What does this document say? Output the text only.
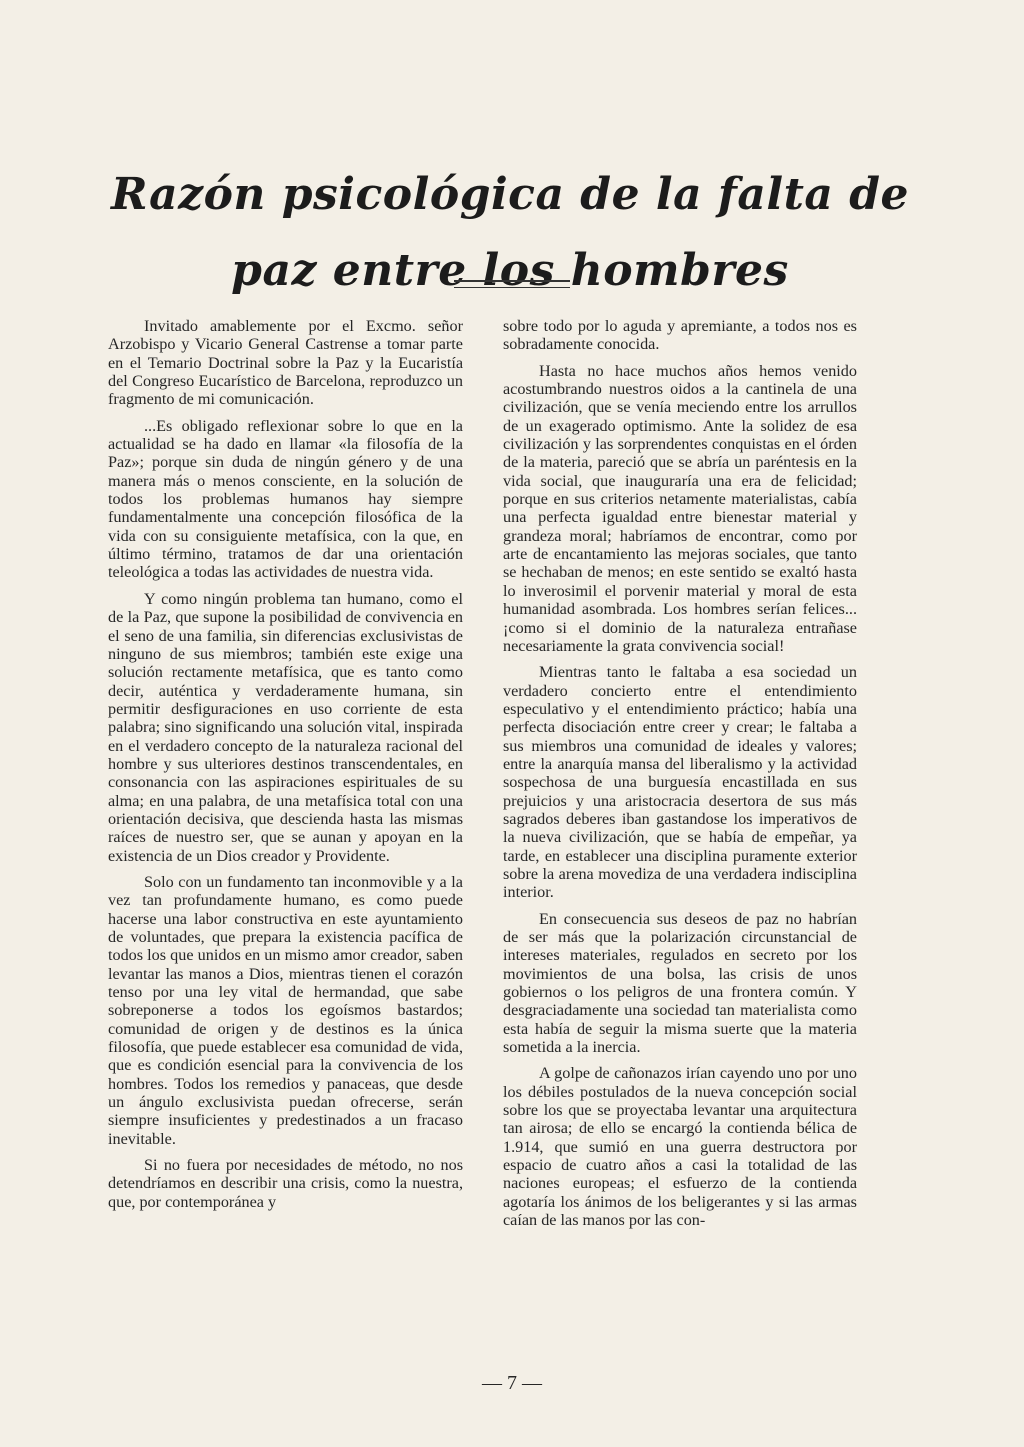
Razón psicológica de la falta de paz entre los hombres

Invitado amablemente por el Excmo. señor Arzobispo y Vicario General Castrense a tomar parte en el Temario Doctrinal sobre la Paz y la Eucaristía del Congreso Eucarístico de Barcelona, reproduzco un fragmento de mi comunicación.

...Es obligado reflexionar sobre lo que en la actualidad se ha dado en llamar «la filosofía de la Paz»; porque sin duda de ningún género y de una manera más o menos consciente, en la solución de todos los problemas humanos hay siempre fundamentalmente una concepción filosófica de la vida con su consiguiente metafísica, con la que, en último término, tratamos de dar una orientación teleológica a todas las actividades de nuestra vida.

Y como ningún problema tan humano, como el de la Paz, que supone la posibilidad de convivencia en el seno de una familia, sin diferencias exclusivistas de ninguno de sus miembros; también este exige una solución rectamente metafísica, que es tanto como decir, auténtica y verdaderamente humana, sin permitir desfiguraciones en uso corriente de esta palabra; sino significando una solución vital, inspirada en el verdadero concepto de la naturaleza racional del hombre y sus ulteriores destinos transcendentales, en consonancia con las aspiraciones espirituales de su alma; en una palabra, de una metafísica total con una orientación decisiva, que descienda hasta las mismas raíces de nuestro ser, que se aunan y apoyan en la existencia de un Dios creador y Providente.

Solo con un fundamento tan inconmovible y a la vez tan profundamente humano, es como puede hacerse una labor constructiva en este ayuntamiento de voluntades, que prepara la existencia pacífica de todos los que unidos en un mismo amor creador, saben levantar las manos a Dios, mientras tienen el corazón tenso por una ley vital de hermandad, que sabe sobreponerse a todos los egoísmos bastardos; comunidad de origen y de destinos es la única filosofía, que puede establecer esa comunidad de vida, que es condición esencial para la convivencia de los hombres. Todos los remedios y panaceas, que desde un ángulo exclusivista puedan ofrecerse, serán siempre insuficientes y predestinados a un fracaso inevitable.

Si no fuera por necesidades de método, no nos detendríamos en describir una crisis, como la nuestra, que, por contemporánea y

sobre todo por lo aguda y apremiante, a todos nos es sobradamente conocida.

Hasta no hace muchos años hemos venido acostumbrando nuestros oidos a la cantinela de una civilización, que se venía meciendo entre los arrullos de un exagerado optimismo. Ante la solidez de esa civilización y las sorprendentes conquistas en el órden de la materia, pareció que se abría un paréntesis en la vida social, que inauguraría una era de felicidad; porque en sus criterios netamente materialistas, cabía una perfecta igualdad entre bienestar material y grandeza moral; habríamos de encontrar, como por arte de encantamiento las mejoras sociales, que tanto se hechaban de menos; en este sentido se exaltó hasta lo inverosimil el porvenir material y moral de esta humanidad asombrada. Los hombres serían felices... ¡como si el dominio de la naturaleza entrañase necesariamente la grata convivencia social!

Mientras tanto le faltaba a esa sociedad un verdadero concierto entre el entendimiento especulativo y el entendimiento práctico; había una perfecta disociación entre creer y crear; le faltaba a sus miembros una comunidad de ideales y valores; entre la anarquía mansa del liberalismo y la actividad sospechosa de una burguesía encastillada en sus prejuicios y una aristocracia desertora de sus más sagrados deberes iban gastandose los imperativos de la nueva civilización, que se había de empeñar, ya tarde, en establecer una disciplina puramente exterior sobre la arena movediza de una verdadera indisciplina interior.

En consecuencia sus deseos de paz no habrían de ser más que la polarización circunstancial de intereses materiales, regulados en secreto por los movimientos de una bolsa, las crisis de unos gobiernos o los peligros de una frontera común. Y desgraciadamente una sociedad tan materialista como esta había de seguir la misma suerte que la materia sometida a la inercia.

A golpe de cañonazos irían cayendo uno por uno los débiles postulados de la nueva concepción social sobre los que se proyectaba levantar una arquitectura tan airosa; de ello se encargó la contienda bélica de 1.914, que sumió en una guerra destructora por espacio de cuatro años a casi la totalidad de las naciones europeas; el esfuerzo de la contienda agotaría los ánimos de los beligerantes y si las armas caían de las manos por las con-

— 7 —
